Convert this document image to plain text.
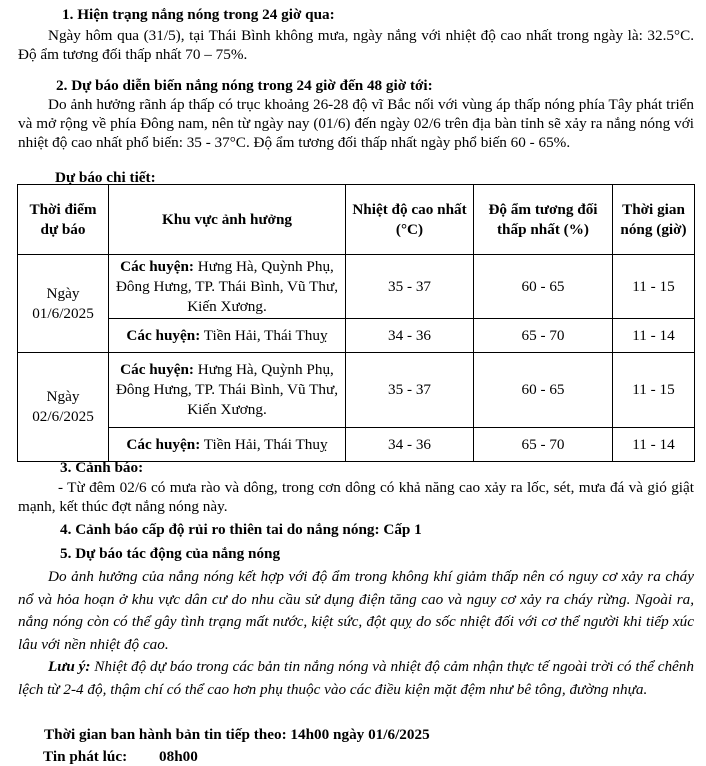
1. Hiện trạng nắng nóng trong 24 giờ qua:
Ngày hôm qua (31/5), tại Thái Bình không mưa, ngày nắng với nhiệt độ cao nhất trong ngày là: 32.5°C. Độ ẩm tương đối thấp nhất 70 – 75%.
2. Dự báo diễn biến nắng nóng trong 24 giờ đến 48 giờ tới:
Do ảnh hưởng rãnh áp thấp có trục khoảng 26-28 độ vĩ Bắc nối với vùng áp thấp nóng phía Tây phát triển và mở rộng về phía Đông nam, nên từ ngày nay (01/6) đến ngày 02/6 trên địa bàn tỉnh sẽ xảy ra nắng nóng với nhiệt độ cao nhất phổ biến: 35 - 37°C. Độ ẩm tương đối thấp nhất ngày phổ biến 60 - 65%.
Dự báo chi tiết:
Thời điểm dự báo	Khu vực ảnh hưởng	Nhiệt độ cao nhất (°C)	Độ ẩm tương đối thấp nhất (%)	Thời gian nóng (giờ)
Ngày 01/6/2025	Các huyện: Hưng Hà, Quỳnh Phụ, Đông Hưng, TP. Thái Bình, Vũ Thư, Kiến Xương.	35 - 37	60 - 65	11 - 15
	Các huyện: Tiền Hải, Thái Thuỵ	34 - 36	65 - 70	11 - 14
Ngày 02/6/2025	Các huyện: Hưng Hà, Quỳnh Phụ, Đông Hưng, TP. Thái Bình, Vũ Thư, Kiến Xương.	35 - 37	60 - 65	11 - 15
	Các huyện: Tiền Hải, Thái Thuỵ	34 - 36	65 - 70	11 - 14
3. Cảnh báo:
- Từ đêm 02/6 có mưa rào và dông, trong cơn dông có khả năng cao xảy ra lốc, sét, mưa đá và gió giật mạnh, kết thúc đợt nắng nóng này.
4. Cảnh báo cấp độ rủi ro thiên tai do nắng nóng: Cấp 1
5. Dự báo tác động của nắng nóng
Do ảnh hưởng của nắng nóng kết hợp với độ ẩm trong không khí giảm thấp nên có nguy cơ xảy ra cháy nổ và hỏa hoạn ở khu vực dân cư do nhu cầu sử dụng điện tăng cao và nguy cơ xảy ra cháy rừng. Ngoài ra, nắng nóng còn có thể gây tình trạng mất nước, kiệt sức, đột quỵ do sốc nhiệt đối với cơ thể người khi tiếp xúc lâu với nền nhiệt độ cao.
Lưu ý: Nhiệt độ dự báo trong các bản tin nắng nóng và nhiệt độ cảm nhận thực tế ngoài trời có thể chênh lệch từ 2-4 độ, thậm chí có thể cao hơn phụ thuộc vào các điều kiện mặt đệm như bê tông, đường nhựa.
Thời gian ban hành bản tin tiếp theo: 14h00 ngày 01/6/2025
Tin phát lúc: 08h00
